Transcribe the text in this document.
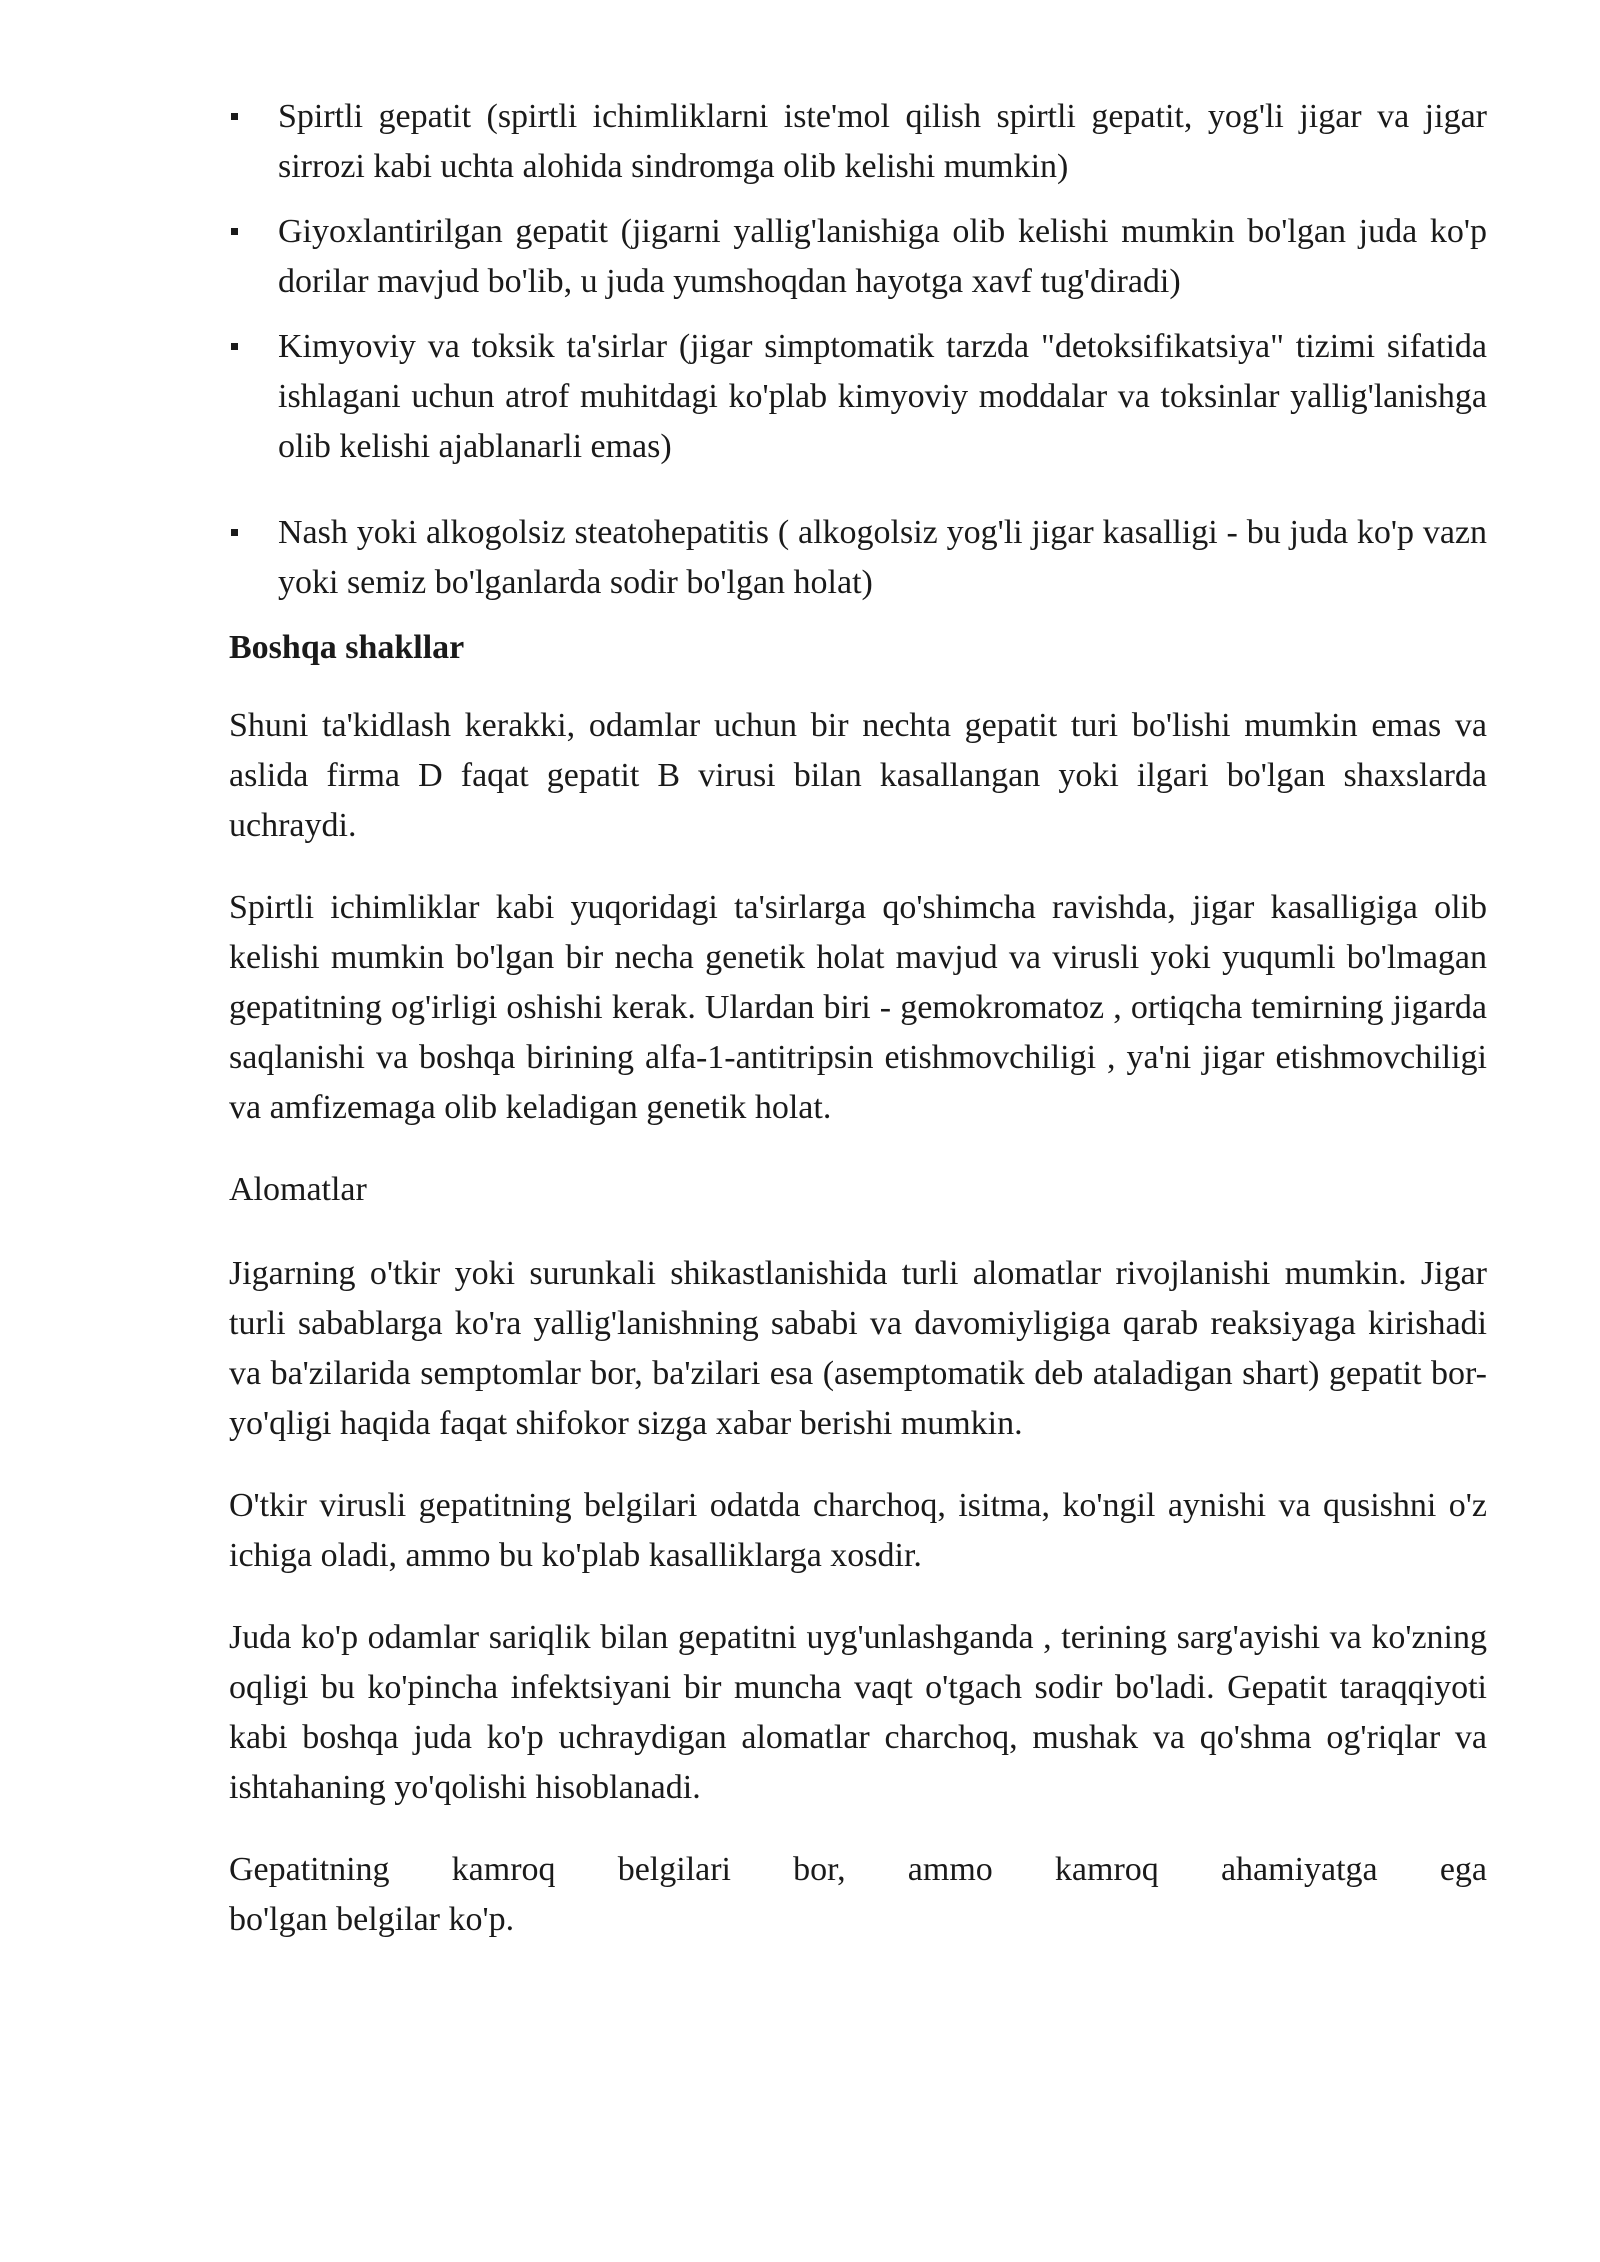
Spirtli gepatit (spirtli ichimliklarni iste'mol qilish spirtli gepatit, yog'li jigar va jigar sirrozi kabi uchta alohida sindromga olib kelishi mumkin)
Giyoxlantirilgan gepatit (jigarni yallig'lanishiga olib kelishi mumkin bo'lgan juda ko'p dorilar mavjud bo'lib, u juda yumshoqdan hayotga xavf tug'diradi)
Kimyoviy va toksik ta'sirlar (jigar simptomatik tarzda "detoksifikatsiya" tizimi sifatida ishlagani uchun atrof muhitdagi ko'plab kimyoviy moddalar va toksinlar yallig'lanishga olib kelishi ajablanarli emas)
Nash yoki alkogolsiz steatohepatitis ( alkogolsiz yog'li jigar kasalligi - bu juda ko'p vazn yoki semiz bo'lganlarda sodir bo'lgan holat)
Boshqa shakllar

Shuni ta'kidlash kerakki, odamlar uchun bir nechta gepatit turi bo'lishi mumkin emas va aslida firma D faqat gepatit B virusi bilan kasallangan yoki ilgari bo'lgan shaxslarda uchraydi.

Spirtli ichimliklar kabi yuqoridagi ta'sirlarga qo'shimcha ravishda, jigar kasalligiga olib kelishi mumkin bo'lgan bir necha genetik holat mavjud va virusli yoki yuqumli bo'lmagan gepatitning og'irligi oshishi kerak. Ulardan biri - gemokromatoz , ortiqcha temirning jigarda saqlanishi va boshqa birining alfa-1-antitripsin etishmovchiligi , ya'ni jigar etishmovchiligi va amfizemaga olib keladigan genetik holat.

Alomatlar

Jigarning o'tkir yoki surunkali shikastlanishida turli alomatlar rivojlanishi mumkin. Jigar turli sabablarga ko'ra yallig'lanishning sababi va davomiyligiga qarab reaksiyaga kirishadi va ba'zilarida semptomlar bor, ba'zilari esa (asemptomatik deb ataladigan shart) gepatit bor-yo'qligi haqida faqat shifokor sizga xabar berishi mumkin.

O'tkir virusli gepatitning belgilari odatda charchoq, isitma, ko'ngil aynishi va qusishni o'z ichiga oladi, ammo bu ko'plab kasalliklarga xosdir.

Juda ko'p odamlar sariqlik bilan gepatitni uyg'unlashganda , terining sarg'ayishi va ko'zning oqligi bu ko'pincha infektsiyani bir muncha vaqt o'tgach sodir bo'ladi. Gepatit taraqqiyoti kabi boshqa juda ko'p uchraydigan alomatlar charchoq, mushak va qo'shma og'riqlar va ishtahaning yo'qolishi hisoblanadi.

Gepatitning kamroq belgilari bor, ammo kamroq ahamiyatga ega
bo'lgan belgilar ko'p.
